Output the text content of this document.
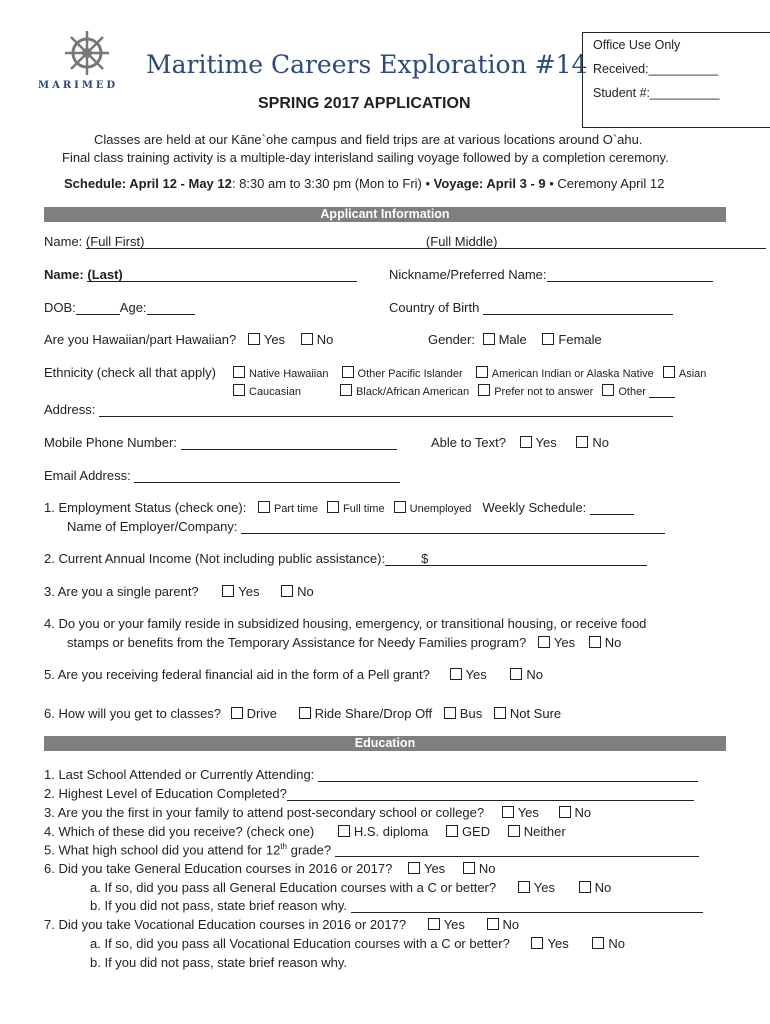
MARIMED
Maritime Careers Exploration #14
SPRING 2017 APPLICATION
Office Use Only
Received:__________
Student #:__________
Classes are held at our Kāne`ohe campus and field trips are at various locations around O`ahu.
Final class training activity is a multiple-day interisland sailing voyage followed by a completion ceremony.
Schedule: April 12 - May 12: 8:30 am to 3:30 pm (Mon to Fri) • Voyage: April 3 - 9 • Ceremony April 12
Applicant Information
Name: (Full First)	(Full Middle)
Name: (Last)	Nickname/Preferred Name:
DOB:	Age:	Country of Birth
Are you Hawaiian/part Hawaiian? Yes No	Gender: Male Female
Ethnicity (check all that apply)	Native Hawaiian	Other Pacific Islander	American Indian or Alaska Native Asian
Caucasian	Black/African American Prefer not to answer Other
Address:
Mobile Phone Number:	Able to Text? Yes	No
Email Address:
1. Employment Status (check one):	Part time Full time Unemployed Weekly Schedule:
Name of Employer/Company:
2. Current Annual Income (Not including public assistance):	$
3. Are you a single parent?	Yes	No
4. Do you or your family reside in subsidized housing, emergency, or transitional housing, or receive food
stamps or benefits from the Temporary Assistance for Needy Families program? Yes No
5. Are you receiving federal financial aid in the form of a Pell grant?	Yes	No
6. How will you get to classes? Drive	Ride Share/Drop Off Bus Not Sure
Education
1. Last School Attended or Currently Attending:
2. Highest Level of Education Completed?
3. Are you the first in your family to attend post-secondary school or college?	Yes	No
4. Which of these did you receive? (check one)	H.S. diploma	GED	Neither
5. What high school did you attend for 12th grade?
6. Did you take General Education courses in 2016 or 2017? Yes	No
a. If so, did you pass all General Education courses with a C or better?	Yes	No
b. If you did not pass, state brief reason why.
7. Did you take Vocational Education courses in 2016 or 2017?	Yes	No
a. If so, did you pass all Vocational Education courses with a C or better?	Yes	No
b. If you did not pass, state brief reason why.
